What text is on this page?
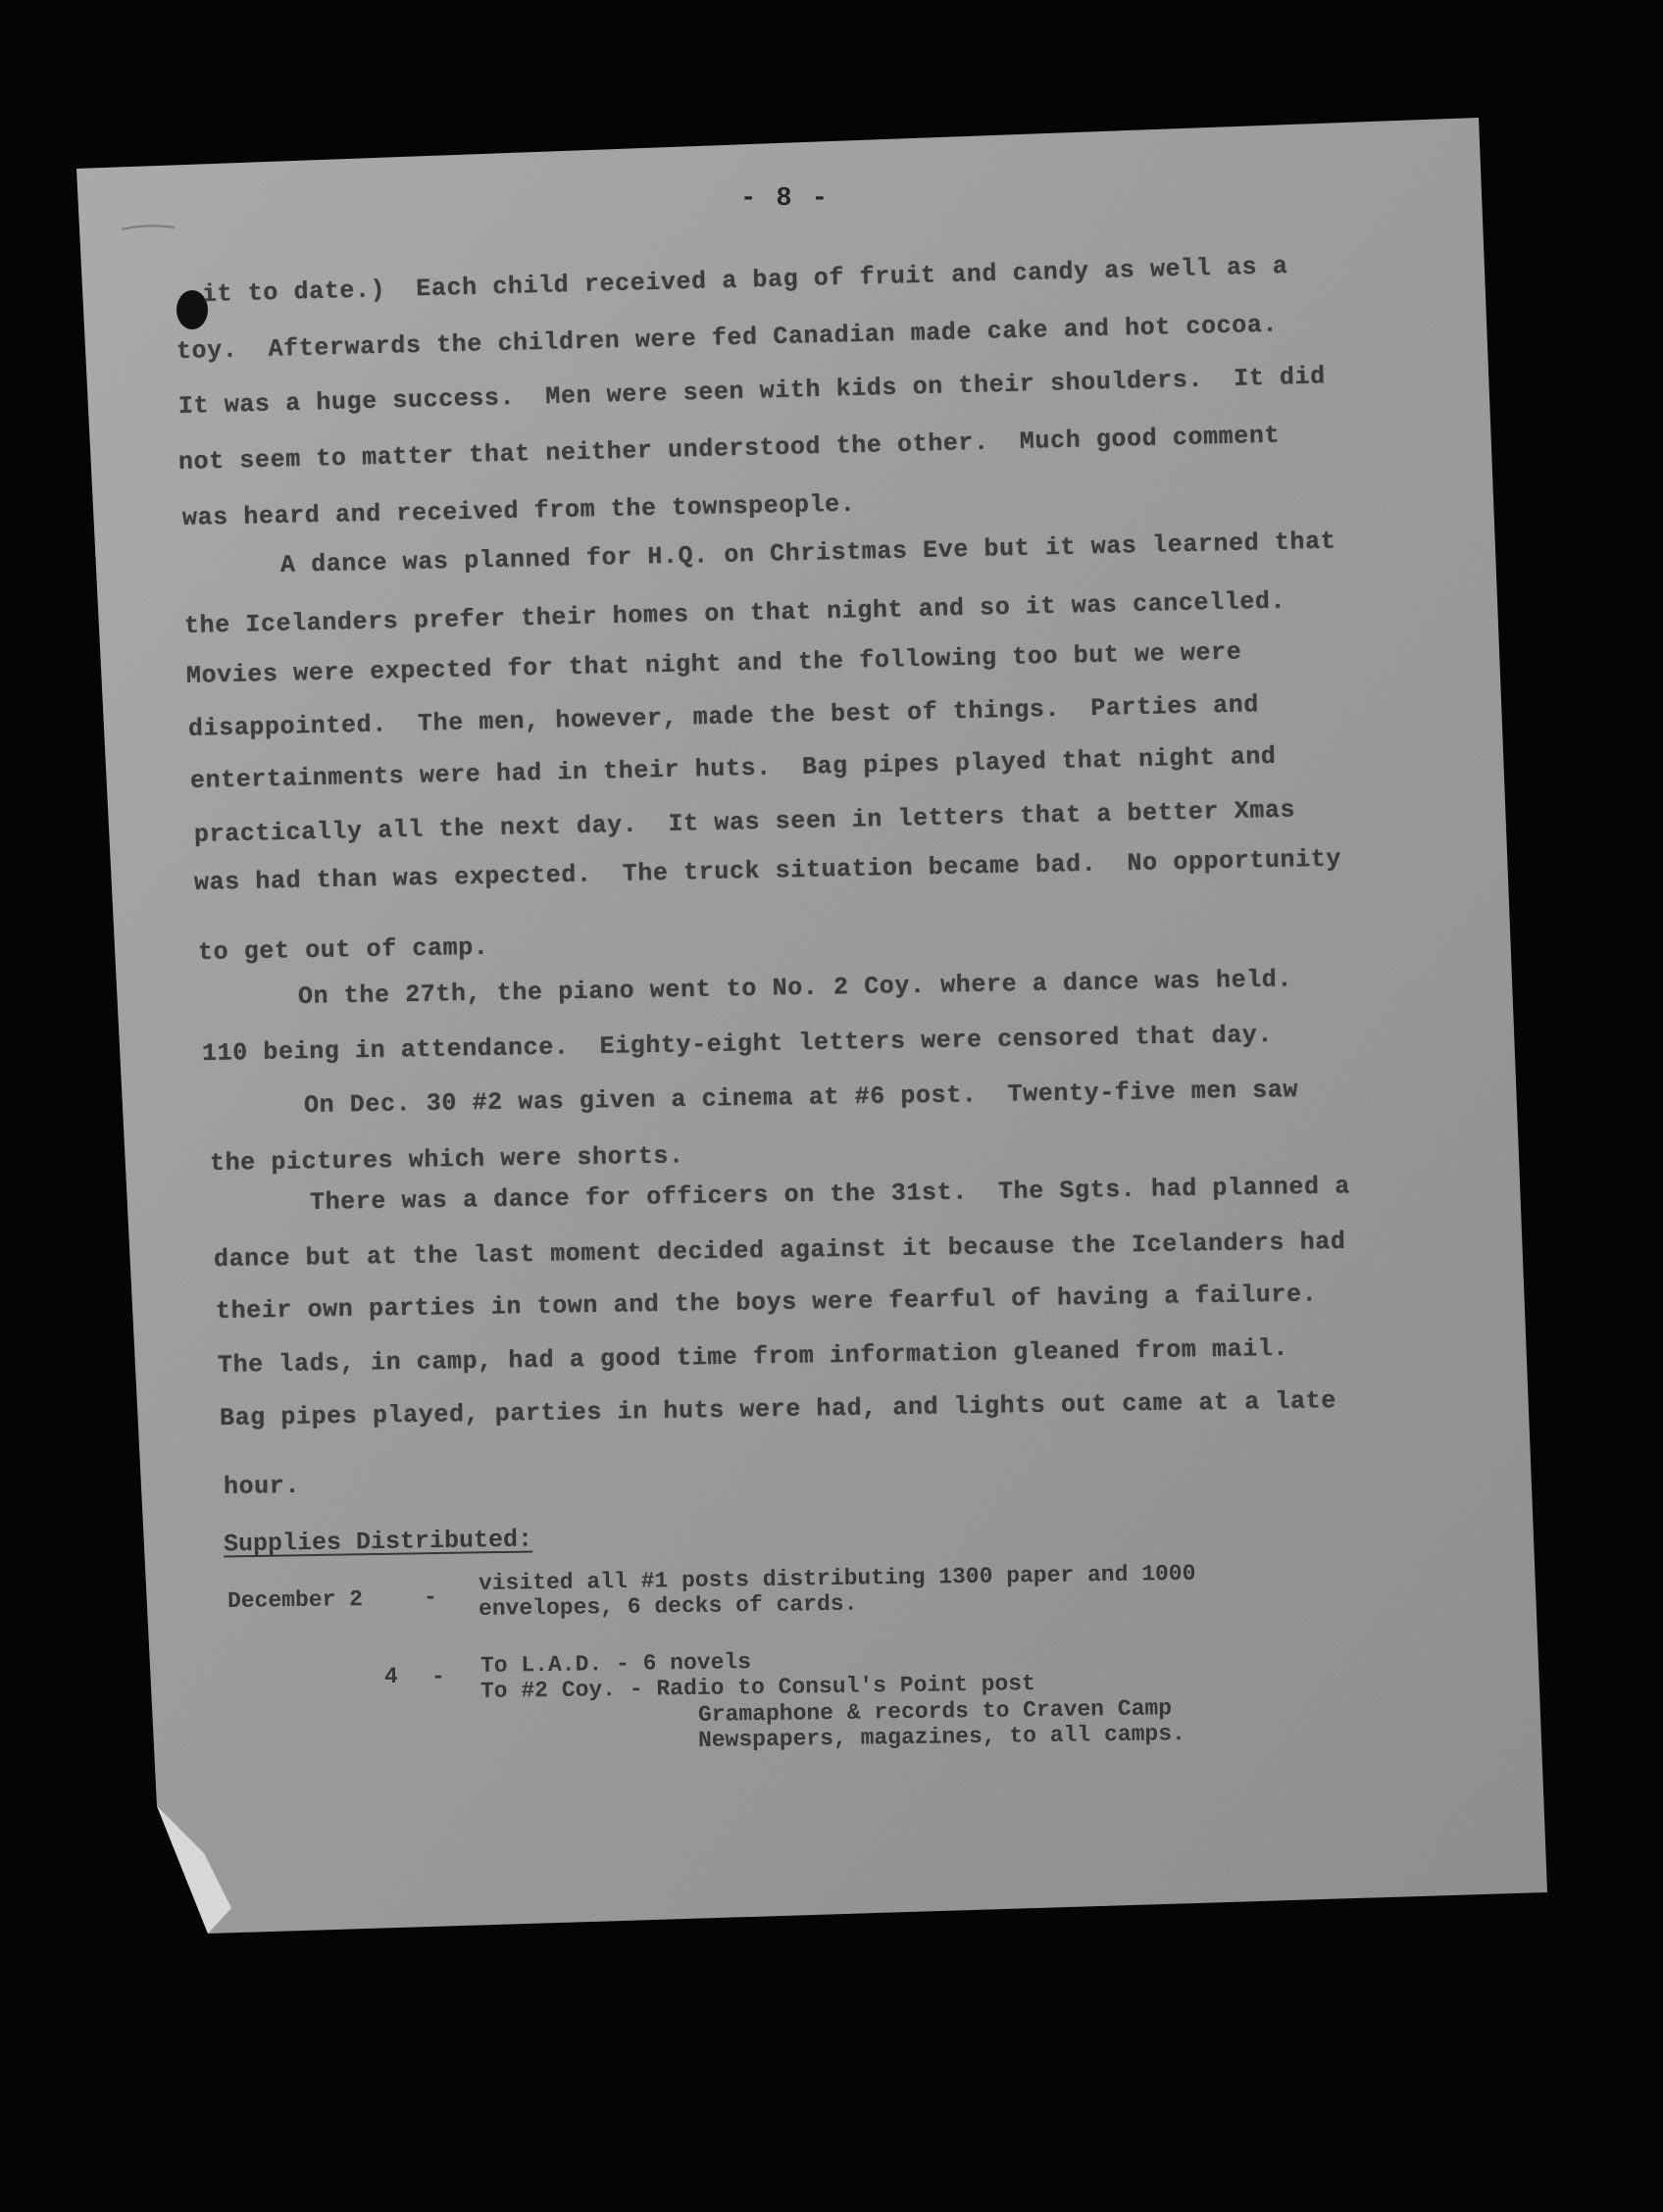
- 8 -
it to date.)  Each child received a bag of fruit and candy as well as a
toy.  Afterwards the children were fed Canadian made cake and hot cocoa.
It was a huge success.  Men were seen with kids on their shoulders.  It did
not seem to matter that neither understood the other.  Much good comment
was heard and received from the townspeople.
A dance was planned for H.Q. on Christmas Eve but it was learned that
the Icelanders prefer their homes on that night and so it was cancelled.
Movies were expected for that night and the following too but we were
disappointed.  The men, however, made the best of things.  Parties and
entertainments were had in their huts.  Bag pipes played that night and
practically all the next day.  It was seen in letters that a better Xmas
was had than was expected.  The truck situation became bad.  No opportunity
to get out of camp.
On the 27th, the piano went to No. 2 Coy. where a dance was held.
110 being in attendance.  Eighty-eight letters were censored that day.
On Dec. 30 #2 was given a cinema at #6 post.  Twenty-five men saw
the pictures which were shorts.
There was a dance for officers on the 31st.  The Sgts. had planned a
dance but at the last moment decided against it because the Icelanders had
their own parties in town and the boys were fearful of having a failure.
The lads, in camp, had a good time from information gleaned from mail.
Bag pipes played, parties in huts were had, and lights out came at a late
hour.
Supplies Distributed:
December 2	-
visited all #1 posts distributing 1300 paper and 1000
envelopes, 6 decks of cards.
4 - To L.A.D. - 6 novels
To #2 Coy. - Radio to Consul's Point post
Gramaphone & records to Craven Camp
Newspapers, magazines, to all camps.
